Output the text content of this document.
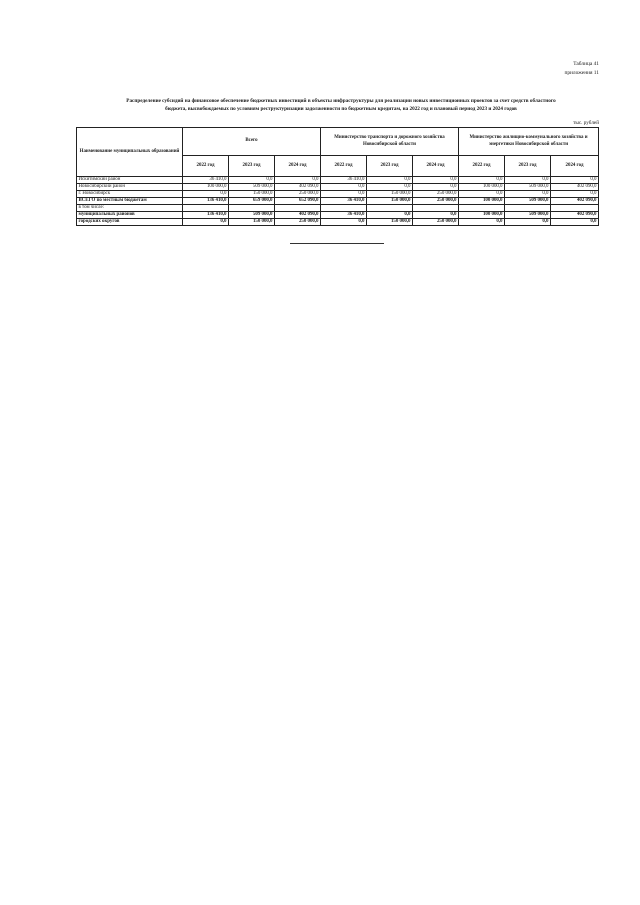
Таблица 41
приложения 11
Распределение субсидий на финансовое обеспечение бюджетных инвестиций в объекты инфраструктуры для реализации новых инвестиционных проектов за счет средств областного
бюджета, высвобождаемых по условиям реструктуризации задолженности по бюджетным кредитам, на 2022 год и плановый период 2023 и 2024 годов
тыс. рублей
Наименование муниципальных образований	Всего			Министерство транспорта и дорожного хозяйства Новосибирской области			Министерство жилищно-коммунального хозяйства и энергетики Новосибирской области		
	2022 год	2023 год	2024 год	2022 год	2023 год	2024 год	2022 год	2023 год	2024 год
Искитимский район	36 410,0	0,0	0,0	36 410,0	0,0	0,0	0,0	0,0	0,0
Новосибирский район	100 000,0	509 000,0	402 090,0	0,0	0,0	0,0	100 000,0	509 000,0	402 090,0
г. Новосибирск	0,0	150 000,0	250 000,0	0,0	150 000,0	250 000,0	0,0	0,0	0,0
ВСЕГО по местным бюджетам	136 410,0	659 000,0	652 090,0	36 410,0	150 000,0	250 000,0	100 000,0	509 000,0	402 090,0
в том числе:									
муниципальных районов	136 410,0	509 000,0	402 090,0	36 410,0	0,0	0,0	100 000,0	509 000,0	402 090,0
городских округов	0,0	150 000,0	250 000,0	0,0	150 000,0	250 000,0	0,0	0,0	0,0
